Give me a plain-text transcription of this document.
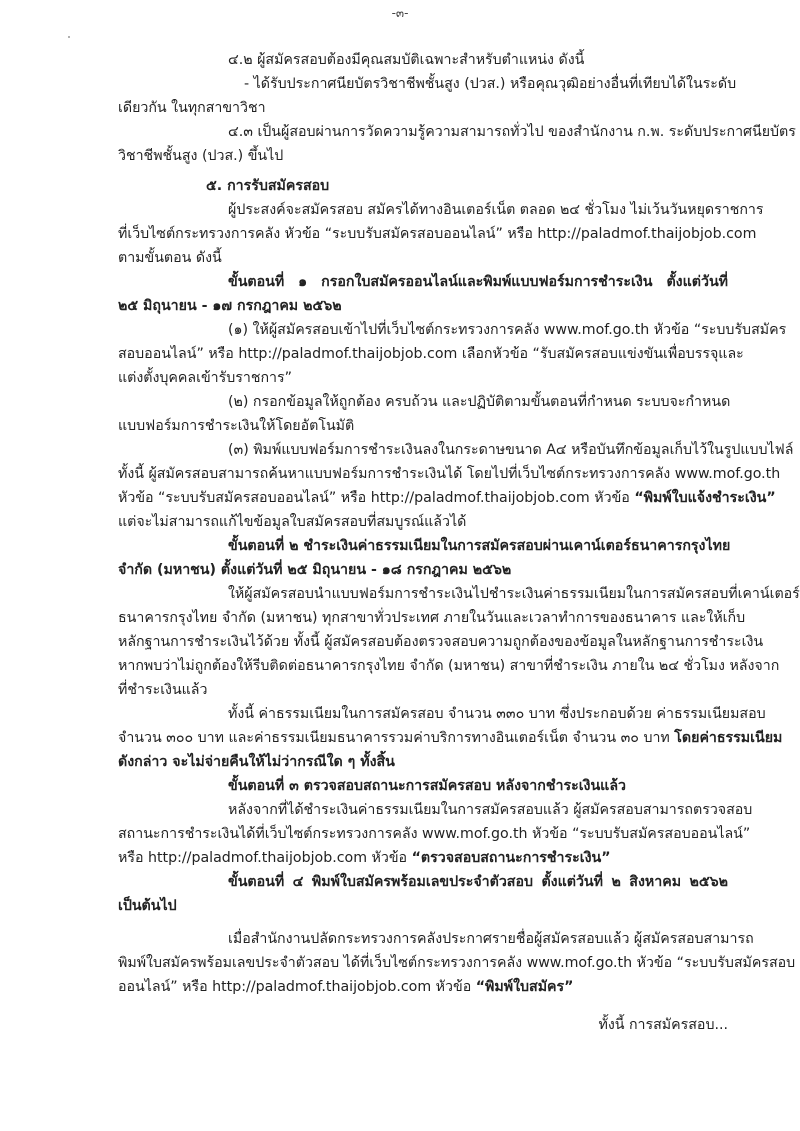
-๓-
๔.๒ ผู้สมัครสอบต้องมีคุณสมบัติเฉพาะสำหรับตำแหน่ง ดังนี้
- ได้รับประกาศนียบัตรวิชาชีพชั้นสูง (ปวส.) หรือคุณวุฒิอย่างอื่นที่เทียบได้ในระดับ
เดียวกัน ในทุกสาขาวิชา
๔.๓ เป็นผู้สอบผ่านการวัดความรู้ความสามารถทั่วไป ของสำนักงาน ก.พ. ระดับประกาศนียบัตร
วิชาชีพชั้นสูง (ปวส.) ขึ้นไป
๕. การรับสมัครสอบ
ผู้ประสงค์จะสมัครสอบ สมัครได้ทางอินเตอร์เน็ต ตลอด ๒๔ ชั่วโมง ไม่เว้นวันหยุดราชการ
ที่เว็บไซต์กระทรวงการคลัง หัวข้อ “ระบบรับสมัครสอบออนไลน์” หรือ http://paladmof.thaijobjob.com
ตามขั้นตอน ดังนี้
ขั้นตอนที่ ๑ กรอกใบสมัครออนไลน์และพิมพ์แบบฟอร์มการชำระเงิน ตั้งแต่วันที่
๒๕ มิถุนายน - ๑๗ กรกฎาคม ๒๕๖๒
(๑) ให้ผู้สมัครสอบเข้าไปที่เว็บไซต์กระทรวงการคลัง www.mof.go.th หัวข้อ “ระบบรับสมัคร
สอบออนไลน์” หรือ http://paladmof.thaijobjob.com เลือกหัวข้อ “รับสมัครสอบแข่งขันเพื่อบรรจุและ
แต่งตั้งบุคคลเข้ารับราชการ”
(๒) กรอกข้อมูลให้ถูกต้อง ครบถ้วน และปฏิบัติตามขั้นตอนที่กำหนด ระบบจะกำหนด
แบบฟอร์มการชำระเงินให้โดยอัตโนมัติ
(๓) พิมพ์แบบฟอร์มการชำระเงินลงในกระดาษขนาด A๔ หรือบันทึกข้อมูลเก็บไว้ในรูปแบบไฟล์
ทั้งนี้ ผู้สมัครสอบสามารถค้นหาแบบฟอร์มการชำระเงินได้ โดยไปที่เว็บไซต์กระทรวงการคลัง www.mof.go.th
หัวข้อ “ระบบรับสมัครสอบออนไลน์” หรือ http://paladmof.thaijobjob.com หัวข้อ “พิมพ์ใบแจ้งชำระเงิน”
แต่จะไม่สามารถแก้ไขข้อมูลใบสมัครสอบที่สมบูรณ์แล้วได้
ขั้นตอนที่ ๒ ชำระเงินค่าธรรมเนียมในการสมัครสอบผ่านเคาน์เตอร์ธนาคารกรุงไทย
จำกัด (มหาชน) ตั้งแต่วันที่ ๒๕ มิถุนายน - ๑๘ กรกฎาคม ๒๕๖๒
ให้ผู้สมัครสอบนำแบบฟอร์มการชำระเงินไปชำระเงินค่าธรรมเนียมในการสมัครสอบที่เคาน์เตอร์
ธนาคารกรุงไทย จำกัด (มหาชน) ทุกสาขาทั่วประเทศ ภายในวันและเวลาทำการของธนาคาร และให้เก็บ
หลักฐานการชำระเงินไว้ด้วย ทั้งนี้ ผู้สมัครสอบต้องตรวจสอบความถูกต้องของข้อมูลในหลักฐานการชำระเงิน
หากพบว่าไม่ถูกต้องให้รีบติดต่อธนาคารกรุงไทย จำกัด (มหาชน) สาขาที่ชำระเงิน ภายใน ๒๔ ชั่วโมง หลังจาก
ที่ชำระเงินแล้ว
ทั้งนี้ ค่าธรรมเนียมในการสมัครสอบ จำนวน ๓๓๐ บาท ซึ่งประกอบด้วย ค่าธรรมเนียมสอบ
จำนวน ๓๐๐ บาท และค่าธรรมเนียมธนาคารรวมค่าบริการทางอินเตอร์เน็ต จำนวน ๓๐ บาท โดยค่าธรรมเนียม
ดังกล่าว จะไม่จ่ายคืนให้ไม่ว่ากรณีใด ๆ ทั้งสิ้น
ขั้นตอนที่ ๓ ตรวจสอบสถานะการสมัครสอบ หลังจากชำระเงินแล้ว
หลังจากที่ได้ชำระเงินค่าธรรมเนียมในการสมัครสอบแล้ว ผู้สมัครสอบสามารถตรวจสอบ
สถานะการชำระเงินได้ที่เว็บไซต์กระทรวงการคลัง www.mof.go.th หัวข้อ “ระบบรับสมัครสอบออนไลน์”
หรือ http://paladmof.thaijobjob.com หัวข้อ “ตรวจสอบสถานะการชำระเงิน”
ขั้นตอนที่ ๔ พิมพ์ใบสมัครพร้อมเลขประจำตัวสอบ ตั้งแต่วันที่ ๒ สิงหาคม ๒๕๖๒
เป็นต้นไป
เมื่อสำนักงานปลัดกระทรวงการคลังประกาศรายชื่อผู้สมัครสอบแล้ว ผู้สมัครสอบสามารถ
พิมพ์ใบสมัครพร้อมเลขประจำตัวสอบ ได้ที่เว็บไซต์กระทรวงการคลัง www.mof.go.th หัวข้อ “ระบบรับสมัครสอบ
ออนไลน์” หรือ http://paladmof.thaijobjob.com หัวข้อ “พิมพ์ใบสมัคร”
ทั้งนี้ การสมัครสอบ...
